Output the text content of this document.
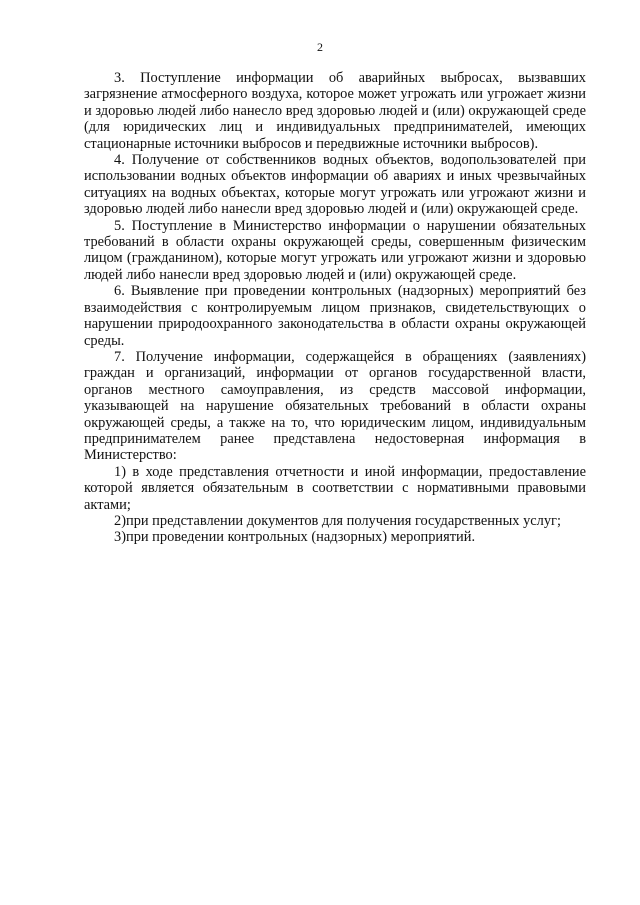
2

3. Поступление информации об аварийных выбросах, вызвавших загрязнение атмосферного воздуха, которое может угрожать или угрожает жизни и здоровью людей либо нанесло вред здоровью людей и (или) окружающей среде (для юридических лиц и индивидуальных предпринимателей, имеющих стационарные источники выбросов и передвижные источники выбросов).

4. Получение от собственников водных объектов, водопользователей при использовании водных объектов информации об авариях и иных чрезвычайных ситуациях на водных объектах, которые могут угрожать или угрожают жизни и здоровью людей либо нанесли вред здоровью людей и (или) окружающей среде.

5. Поступление в Министерство информации о нарушении обязательных требований в области охраны окружающей среды, совершенным физическим лицом (гражданином), которые могут угрожать или угрожают жизни и здоровью людей либо нанесли вред здоровью людей и (или) окружающей среде.

6. Выявление при проведении контрольных (надзорных) мероприятий без взаимодействия с контролируемым лицом признаков, свидетельствующих о нарушении природоохранного законодательства в области охраны окружающей среды.

7. Получение информации, содержащейся в обращениях (заявлениях) граждан и организаций, информации от органов государственной власти, органов местного самоуправления, из средств массовой информации, указывающей на нарушение обязательных требований в области охраны окружающей среды, а также на то, что юридическим лицом, индивидуальным предпринимателем ранее представлена недостоверная информация в Министерство:

1) в ходе представления отчетности и иной информации, предоставление которой является обязательным в соответствии с нормативными правовыми актами;

2)при представлении документов для получения государственных услуг;

3)при проведении контрольных (надзорных) мероприятий.
